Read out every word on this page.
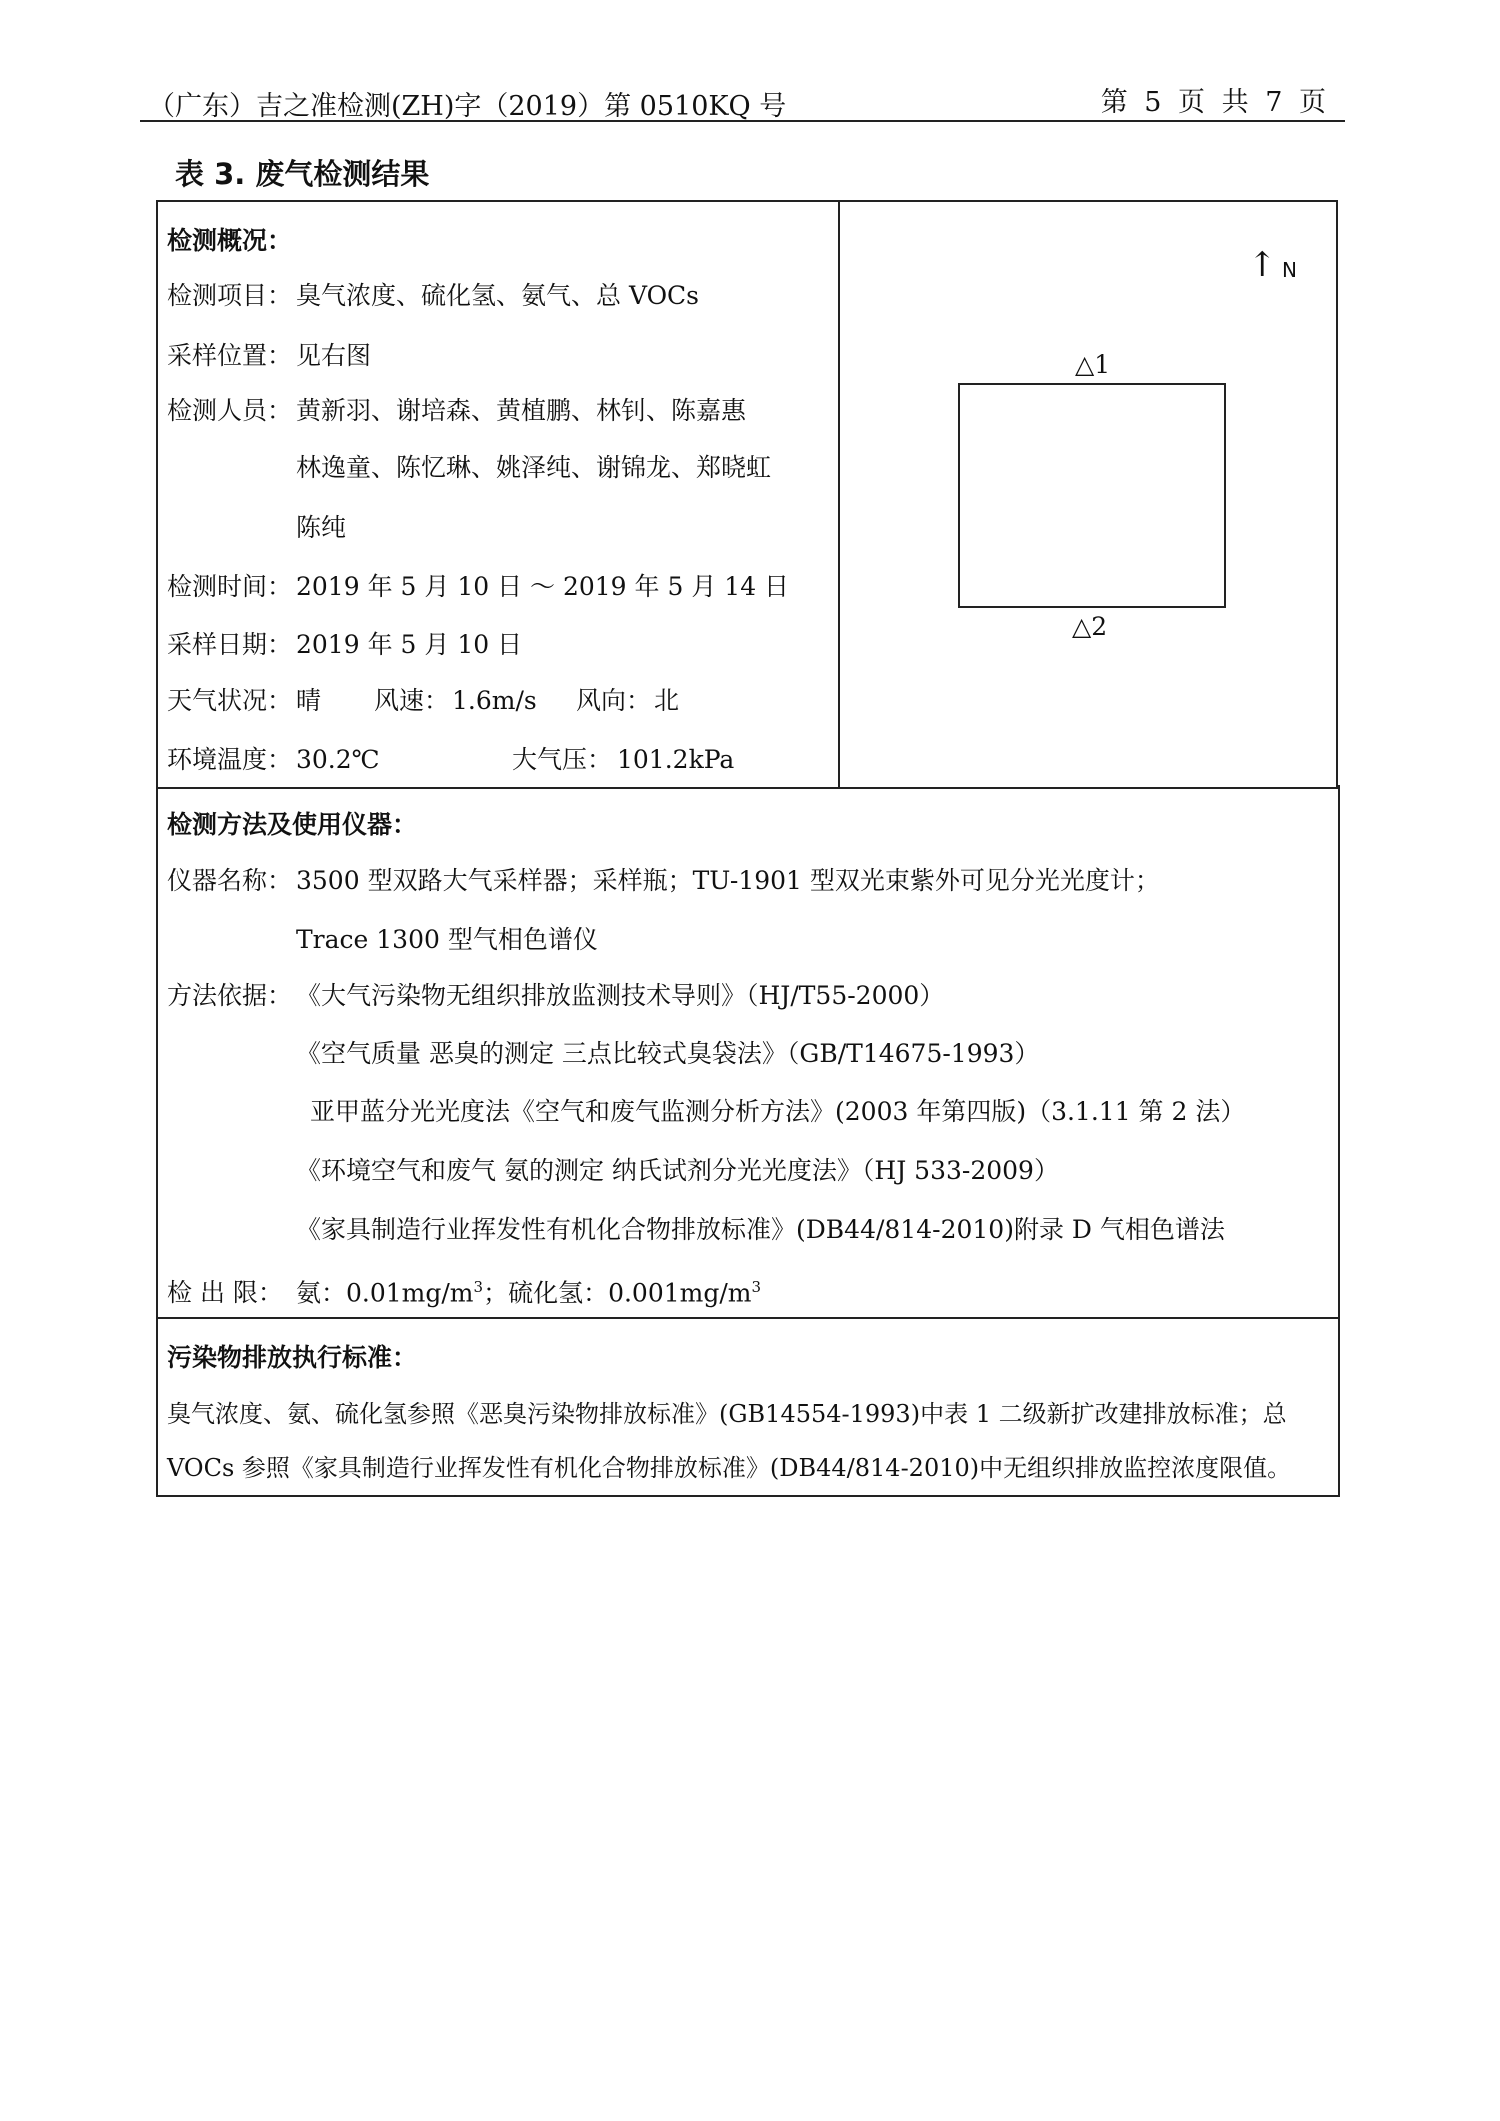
（广东）吉之准检测(ZH)字（2019）第 0510KQ 号	第 5 页 共 7 页
表 3. 废气检测结果
检测概况：
检测项目： 臭气浓度、硫化氢、氨气、总 VOCs
采样位置： 见右图
检测人员： 黄新羽、谢培森、黄植鹏、林钊、陈嘉惠
林逸童、陈忆琳、姚泽纯、谢锦龙、郑晓虹
陈纯
检测时间： 2019 年 5 月 10 日 ～ 2019 年 5 月 14 日
采样日期： 2019 年 5 月 10 日
天气状况： 晴 风速： 1.6m/s 风向： 北
环境温度： 30.2℃	大气压： 101.2kPa
↑ N
△1
△2
检测方法及使用仪器：
仪器名称： 3500 型双路大气采样器；采样瓶；TU-1901 型双光束紫外可见分光光度计；
Trace 1300 型气相色谱仪
方法依据： 《大气污染物无组织排放监测技术导则》（HJ/T55-2000）
《空气质量 恶臭的测定 三点比较式臭袋法》（GB/T14675-1993）
亚甲蓝分光光度法《空气和废气监测分析方法》(2003 年第四版)（3.1.11 第 2 法）
《环境空气和废气 氨的测定 纳氏试剂分光光度法》（HJ 533-2009）
《家具制造行业挥发性有机化合物排放标准》(DB44/814-2010)附录 D 气相色谱法
检 出 限： 氨：$0.01mg/m^3$；硫化氢：$0.001mg/m^3$
污染物排放执行标准：
臭气浓度、氨、硫化氢参照《恶臭污染物排放标准》(GB14554-1993)中表 1 二级新扩改建排放标准；总
VOCs 参照《家具制造行业挥发性有机化合物排放标准》(DB44/814-2010)中无组织排放监控浓度限值。
